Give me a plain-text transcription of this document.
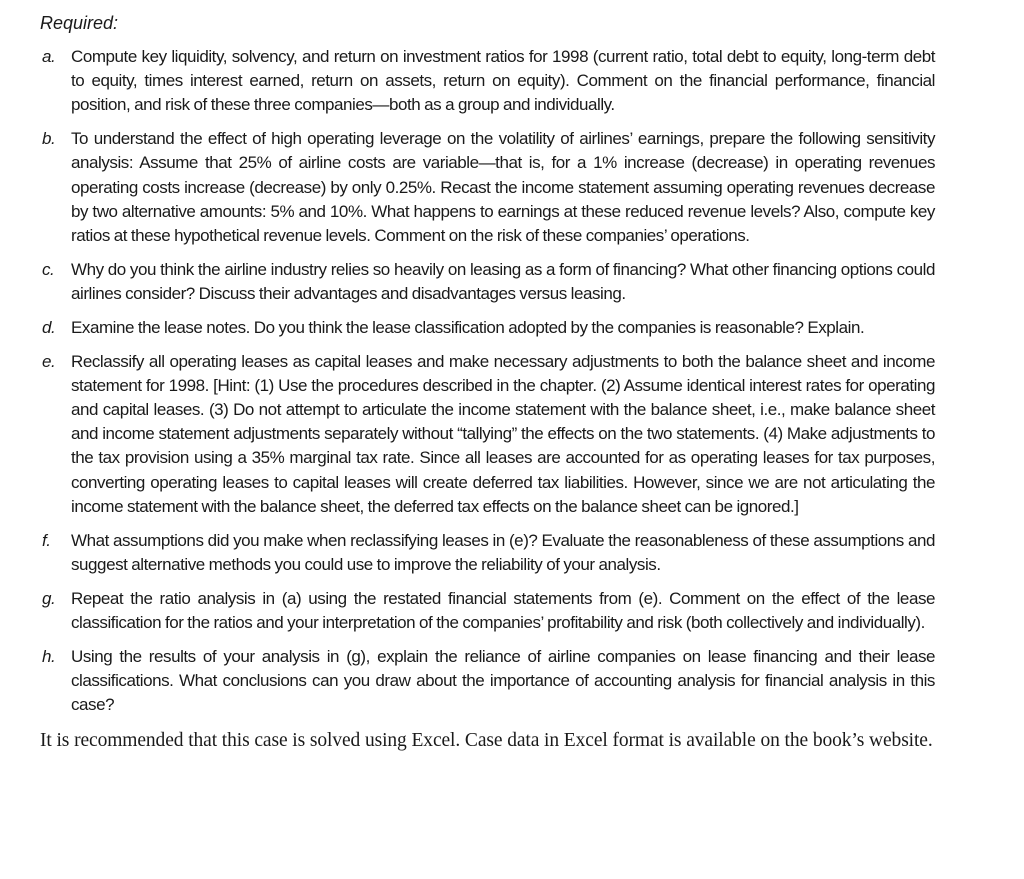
Required:
a. Compute key liquidity, solvency, and return on investment ratios for 1998 (current ratio, total debt to equity, long-term debt to equity, times interest earned, return on assets, return on equity). Comment on the financial performance, financial position, and risk of these three companies—both as a group and individually.
b. To understand the effect of high operating leverage on the volatility of airlines’ earnings, prepare the following sensitivity analysis: Assume that 25% of airline costs are variable—that is, for a 1% increase (decrease) in operating revenues operating costs increase (decrease) by only 0.25%. Recast the income statement assuming operating revenues decrease by two alternative amounts: 5% and 10%. What happens to earnings at these reduced revenue levels? Also, compute key ratios at these hypothetical revenue levels. Comment on the risk of these companies’ operations.
c. Why do you think the airline industry relies so heavily on leasing as a form of financing? What other financing options could airlines consider? Discuss their advantages and disadvantages versus leasing.
d. Examine the lease notes. Do you think the lease classification adopted by the companies is reasonable? Explain.
e. Reclassify all operating leases as capital leases and make necessary adjustments to both the balance sheet and income statement for 1998. [Hint: (1) Use the procedures described in the chapter. (2) Assume identical interest rates for operating and capital leases. (3) Do not attempt to articulate the income statement with the balance sheet, i.e., make balance sheet and income statement adjustments separately without “tallying” the effects on the two statements. (4) Make adjustments to the tax provision using a 35% marginal tax rate. Since all leases are accounted for as operating leases for tax purposes, converting operating leases to capital leases will create deferred tax liabilities. However, since we are not articulating the income statement with the balance sheet, the deferred tax effects on the balance sheet can be ignored.]
f. What assumptions did you make when reclassifying leases in (e)? Evaluate the reasonableness of these assumptions and suggest alternative methods you could use to improve the reliability of your analysis.
g. Repeat the ratio analysis in (a) using the restated financial statements from (e). Comment on the effect of the lease classification for the ratios and your interpretation of the companies’ profitability and risk (both collectively and individually).
h. Using the results of your analysis in (g), explain the reliance of airline companies on lease financing and their lease classifications. What conclusions can you draw about the importance of accounting analysis for financial analysis in this case?

It is recommended that this case is solved using Excel. Case data in Excel format is available on the book’s website.
